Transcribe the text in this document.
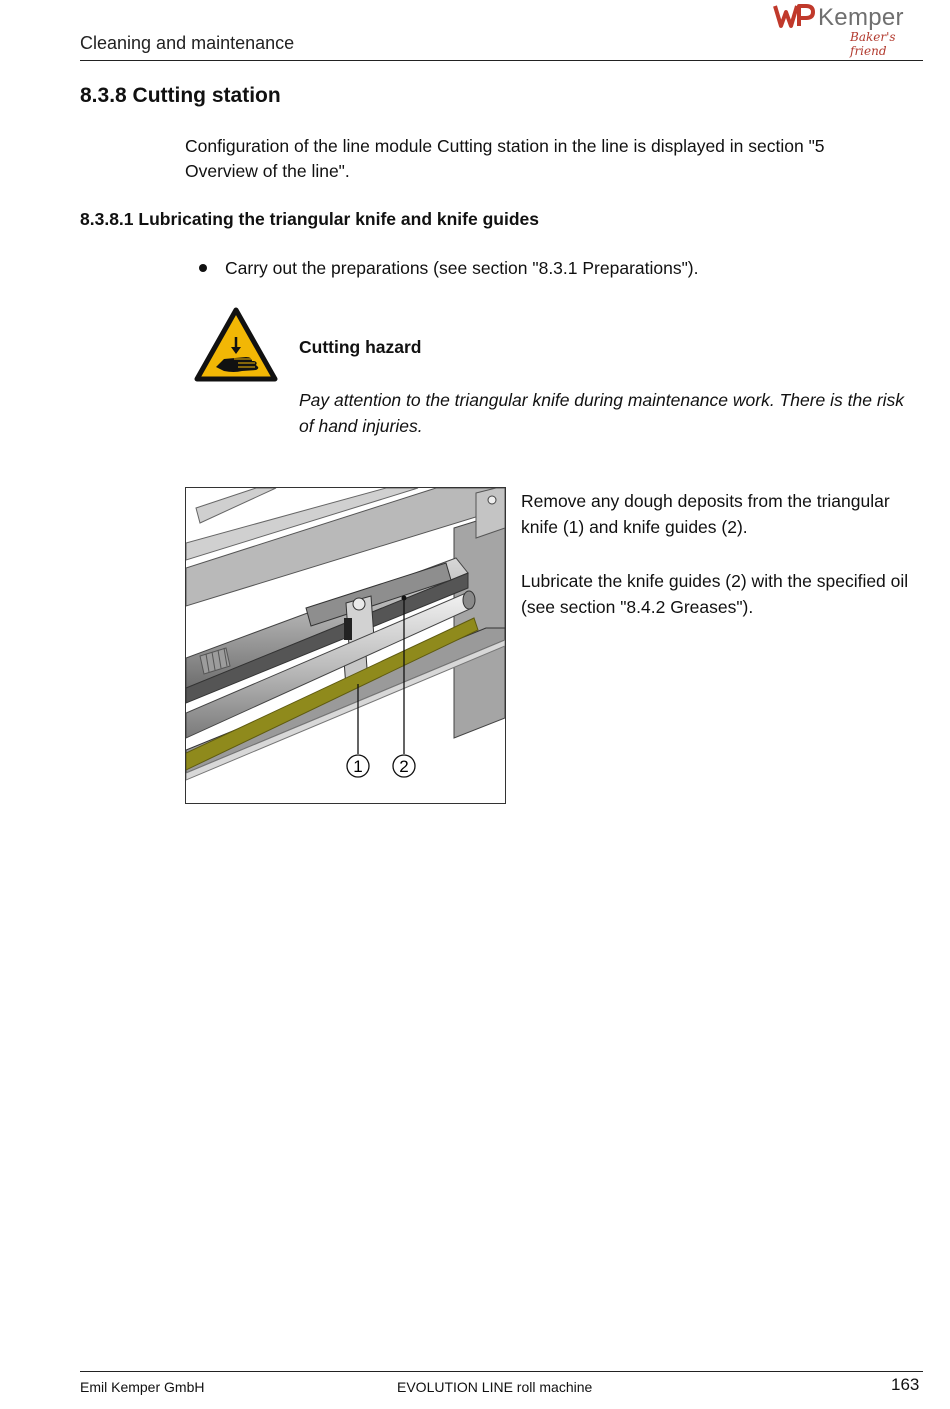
Cleaning and maintenance
Kemper
Baker's friend
8.3.8 Cutting station
Configuration of the line module Cutting station in the line is displayed in section "5 Overview of the line".
8.3.8.1 Lubricating the triangular knife and knife guides
Carry out the preparations (see section "8.3.1 Preparations").
Cutting hazard
Pay attention to the triangular knife during maintenance work. There is the risk of hand injuries.
1 2
Remove any dough deposits from the triangular knife (1) and knife guides (2).
Lubricate the knife guides (2) with the specified oil (see section "8.4.2 Greases").
Emil Kemper GmbH	EVOLUTION LINE roll machine	163
